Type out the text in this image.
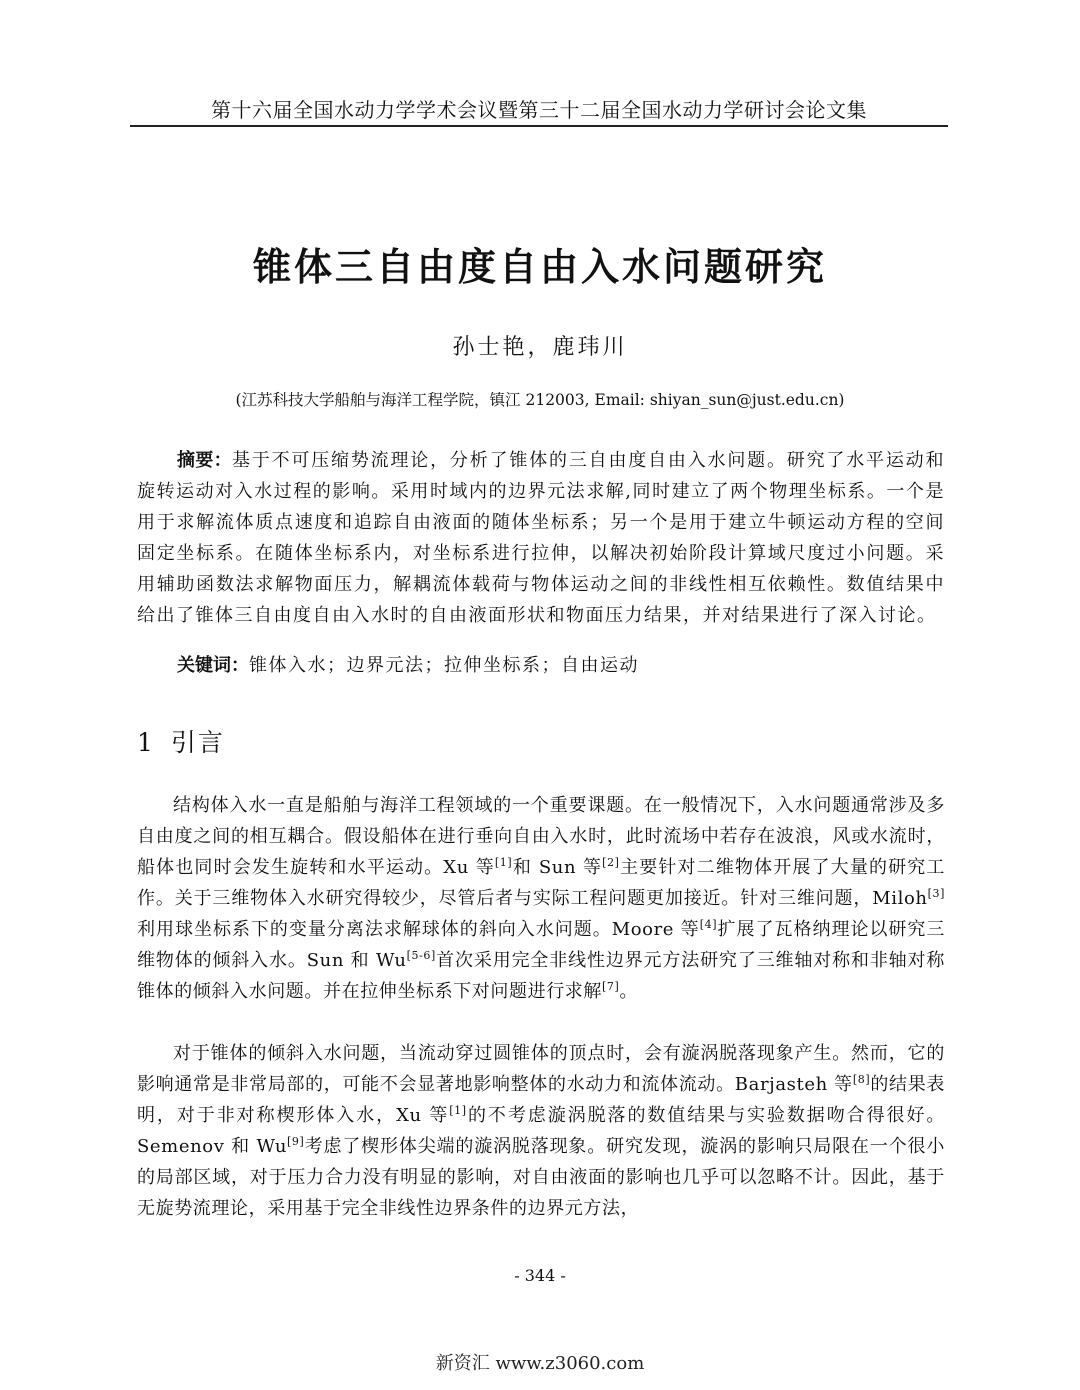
第十六届全国水动力学学术会议暨第三十二届全国水动力学研讨会论文集
锥体三自由度自由入水问题研究
孙士艳，鹿玮川
(江苏科技大学船舶与海洋工程学院，镇江 212003, Email: shiyan_sun@just.edu.cn)

摘要：基于不可压缩势流理论，分析了锥体的三自由度自由入水问题。研究了水平运动和旋转运动对入水过程的影响。采用时域内的边界元法求解,同时建立了两个物理坐标系。一个是用于求解流体质点速度和追踪自由液面的随体坐标系；另一个是用于建立牛顿运动方程的空间固定坐标系。在随体坐标系内，对坐标系进行拉伸，以解决初始阶段计算域尺度过小问题。采用辅助函数法求解物面压力，解耦流体载荷与物体运动之间的非线性相互依赖性。数值结果中给出了锥体三自由度自由入水时的自由液面形状和物面压力结果，并对结果进行了深入讨论。

关键词：锥体入水；边界元法；拉伸坐标系；自由运动

1 引言

结构体入水一直是船舶与海洋工程领域的一个重要课题。在一般情况下，入水问题通常涉及多自由度之间的相互耦合。假设船体在进行垂向自由入水时，此时流场中若存在波浪，风或水流时，船体也同时会发生旋转和水平运动。Xu 等[1]和 Sun 等[2]主要针对二维物体开展了大量的研究工作。关于三维物体入水研究得较少，尽管后者与实际工程问题更加接近。针对三维问题，Miloh[3]利用球坐标系下的变量分离法求解球体的斜向入水问题。Moore 等[4]扩展了瓦格纳理论以研究三维物体的倾斜入水。Sun 和 Wu[5-6]首次采用完全非线性边界元方法研究了三维轴对称和非轴对称锥体的倾斜入水问题。并在拉伸坐标系下对问题进行求解[7]。

对于锥体的倾斜入水问题，当流动穿过圆锥体的顶点时，会有漩涡脱落现象产生。然而，它的影响通常是非常局部的，可能不会显著地影响整体的水动力和流体流动。Barjasteh 等[8]的结果表明，对于非对称楔形体入水，Xu 等[1]的不考虑漩涡脱落的数值结果与实验数据吻合得很好。Semenov 和 Wu[9]考虑了楔形体尖端的漩涡脱落现象。研究发现，漩涡的影响只局限在一个很小的局部区域，对于压力合力没有明显的影响，对自由液面的影响也几乎可以忽略不计。因此，基于无旋势流理论，采用基于完全非线性边界条件的边界元方法，

- 344 -
新资汇 www.z3060.com
